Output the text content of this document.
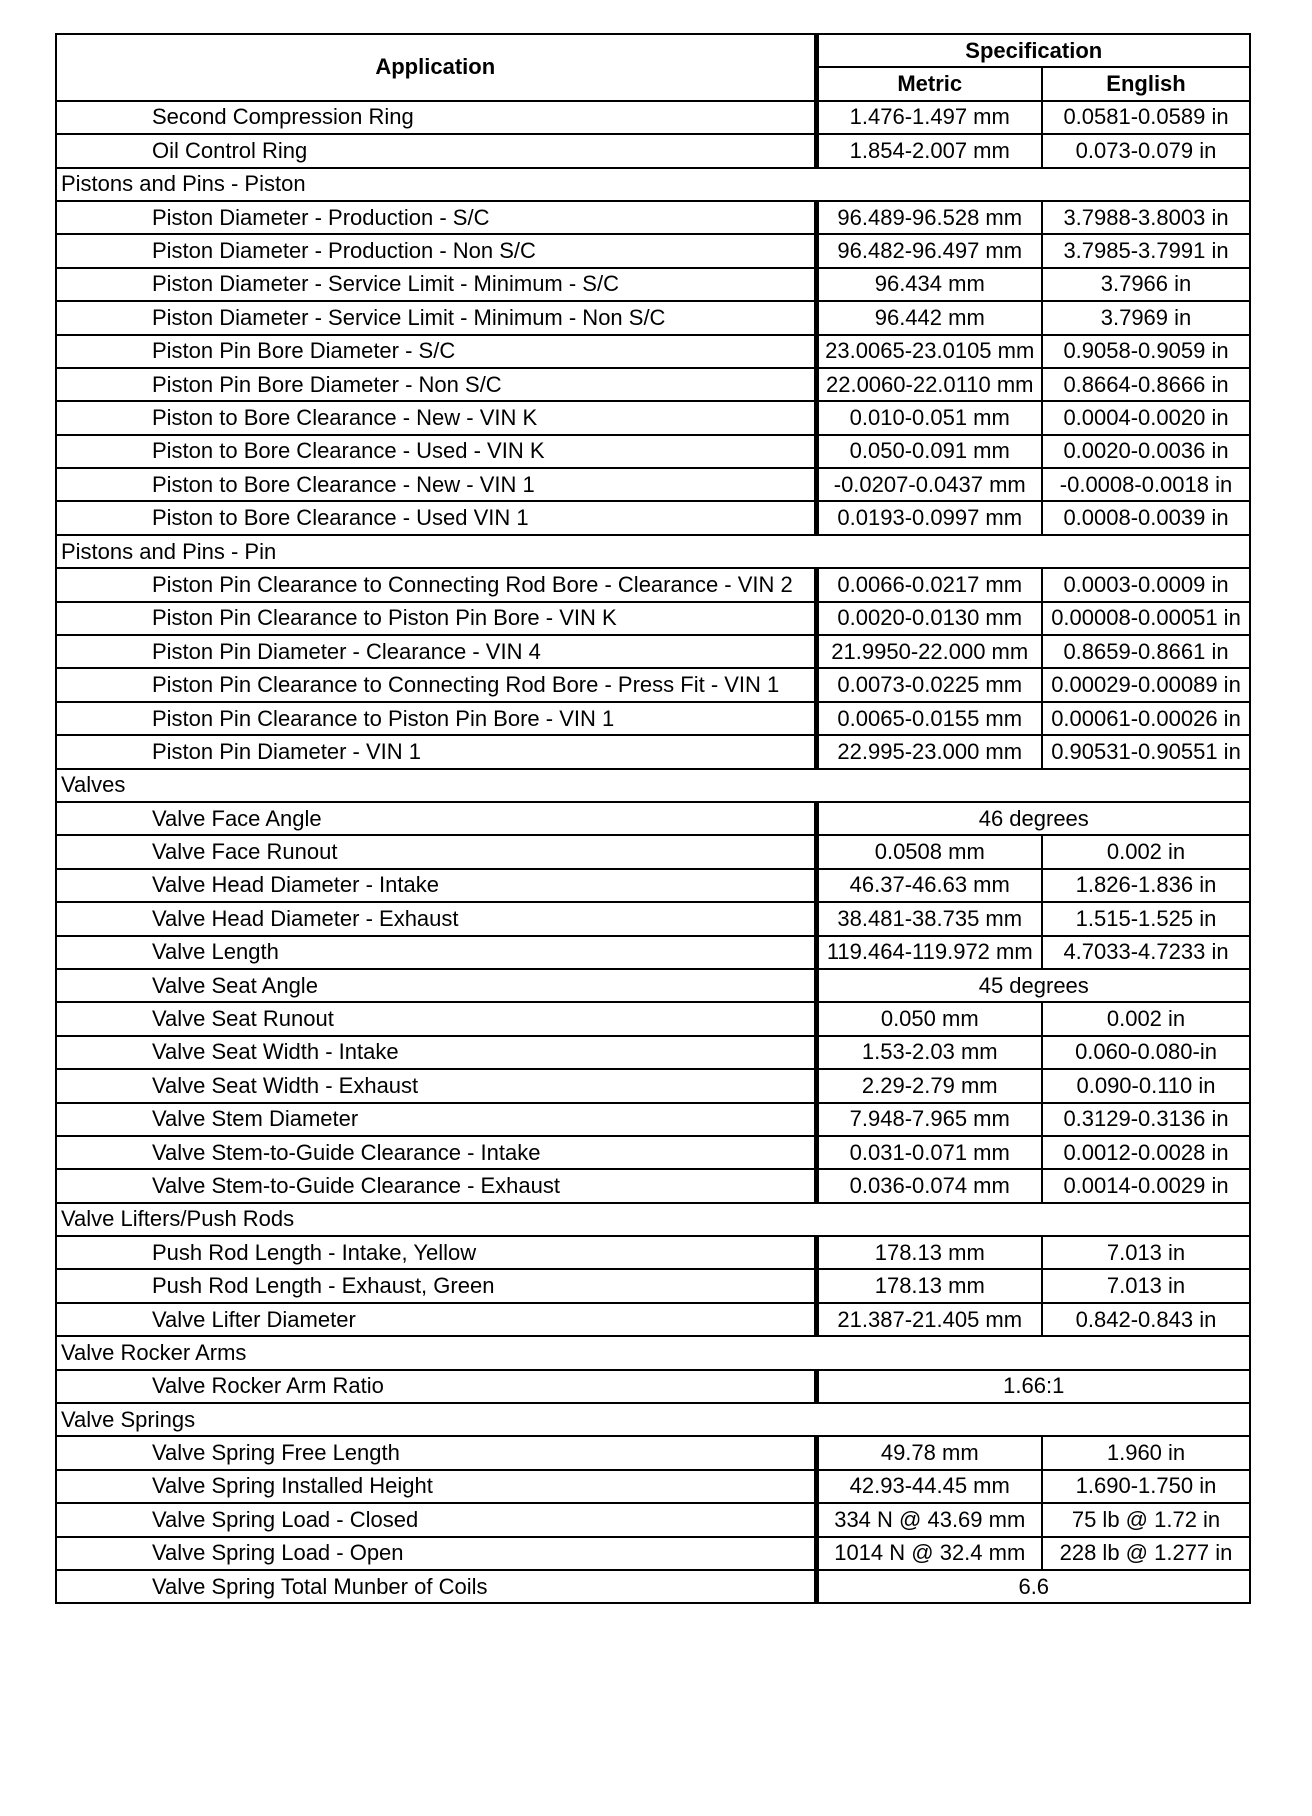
Application	Specification	
	Metric	English
Second Compression Ring	1.476-1.497 mm	0.0581-0.0589 in
Oil Control Ring	1.854-2.007 mm	0.073-0.079 in
Pistons and Pins - Piston		
Piston Diameter - Production - S/C	96.489-96.528 mm	3.7988-3.8003 in
Piston Diameter - Production - Non S/C	96.482-96.497 mm	3.7985-3.7991 in
Piston Diameter - Service Limit - Minimum - S/C	96.434 mm	3.7966 in
Piston Diameter - Service Limit - Minimum - Non S/C	96.442 mm	3.7969 in
Piston Pin Bore Diameter - S/C	23.0065-23.0105 mm	0.9058-0.9059 in
Piston Pin Bore Diameter - Non S/C	22.0060-22.0110 mm	0.8664-0.8666 in
Piston to Bore Clearance - New - VIN K	0.010-0.051 mm	0.0004-0.0020 in
Piston to Bore Clearance - Used - VIN K	0.050-0.091 mm	0.0020-0.0036 in
Piston to Bore Clearance - New - VIN 1	-0.0207-0.0437 mm	-0.0008-0.0018 in
Piston to Bore Clearance - Used VIN 1	0.0193-0.0997 mm	0.0008-0.0039 in
Pistons and Pins - Pin		
Piston Pin Clearance to Connecting Rod Bore - Clearance - VIN 2	0.0066-0.0217 mm	0.0003-0.0009 in
Piston Pin Clearance to Piston Pin Bore - VIN K	0.0020-0.0130 mm	0.00008-0.00051 in
Piston Pin Diameter - Clearance - VIN 4	21.9950-22.000 mm	0.8659-0.8661 in
Piston Pin Clearance to Connecting Rod Bore - Press Fit - VIN 1	0.0073-0.0225 mm	0.00029-0.00089 in
Piston Pin Clearance to Piston Pin Bore - VIN 1	0.0065-0.0155 mm	0.00061-0.00026 in
Piston Pin Diameter - VIN 1	22.995-23.000 mm	0.90531-0.90551 in
Valves		
Valve Face Angle	46 degrees	
Valve Face Runout	0.0508 mm	0.002 in
Valve Head Diameter - Intake	46.37-46.63 mm	1.826-1.836 in
Valve Head Diameter - Exhaust	38.481-38.735 mm	1.515-1.525 in
Valve Length	119.464-119.972 mm	4.7033-4.7233 in
Valve Seat Angle	45 degrees	
Valve Seat Runout	0.050 mm	0.002 in
Valve Seat Width - Intake	1.53-2.03 mm	0.060-0.080-in
Valve Seat Width - Exhaust	2.29-2.79 mm	0.090-0.110 in
Valve Stem Diameter	7.948-7.965 mm	0.3129-0.3136 in
Valve Stem-to-Guide Clearance - Intake	0.031-0.071 mm	0.0012-0.0028 in
Valve Stem-to-Guide Clearance - Exhaust	0.036-0.074 mm	0.0014-0.0029 in
Valve Lifters/Push Rods		
Push Rod Length - Intake, Yellow	178.13 mm	7.013 in
Push Rod Length - Exhaust, Green	178.13 mm	7.013 in
Valve Lifter Diameter	21.387-21.405 mm	0.842-0.843 in
Valve Rocker Arms		
Valve Rocker Arm Ratio	1.66:1	
Valve Springs		
Valve Spring Free Length	49.78 mm	1.960 in
Valve Spring Installed Height	42.93-44.45 mm	1.690-1.750 in
Valve Spring Load - Closed	334 N @ 43.69 mm	75 lb @ 1.72 in
Valve Spring Load - Open	1014 N @ 32.4 mm	228 lb @ 1.277 in
Valve Spring Total Munber of Coils	6.6	
